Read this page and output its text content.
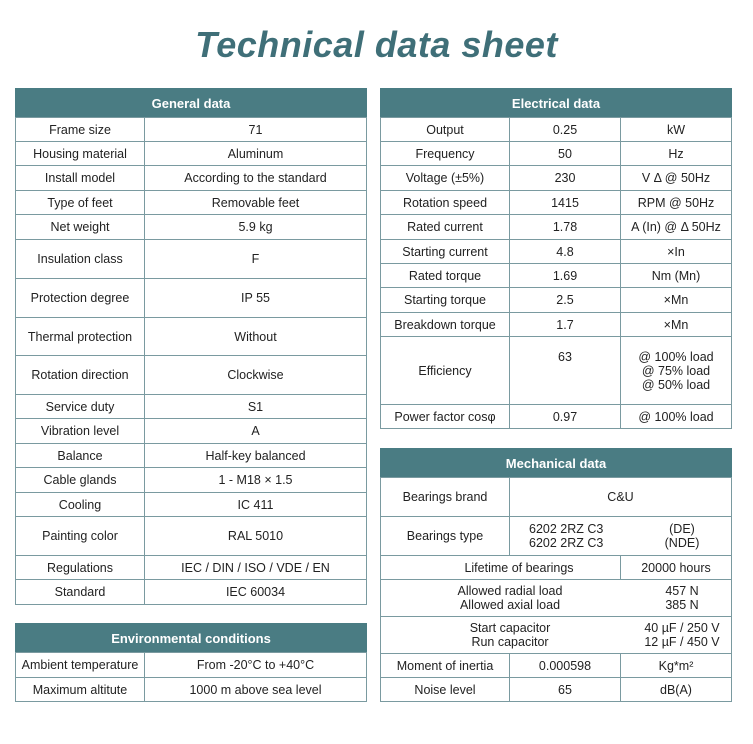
Technical data sheet
General data
Frame size	71
Housing material	Aluminum
Install model	According to the standard
Type of feet	Removable feet
Net weight	5.9 kg
Insulation class	F
Protection degree	IP 55
Thermal protection	Without
Rotation direction	Clockwise
Service duty	S1
Vibration level	A
Balance	Half-key balanced
Cable glands	1 - M18 × 1.5
Cooling	IC 411
Painting color	RAL 5010
Regulations	IEC / DIN / ISO / VDE / EN
Standard	IEC 60034
Environmental conditions
Ambient temperature	From -20°C to +40°C
Maximum altitute	1000 m above sea level
Electrical data
Output	0.25	kW
Frequency	50	Hz
Voltage (±5%)	230	V Δ @ 50Hz
Rotation speed	1415	RPM @ 50Hz
Rated current	1.78	A (In) @ Δ 50Hz
Starting current	4.8	×In
Rated torque	1.69	Nm (Mn)
Starting torque	2.5	×Mn
Breakdown torque	1.7	×Mn
Efficiency	63	@ 100% load
@ 75% load
@ 50% load

Power factor cosφ	0.97	@ 100% load
Mechanical data
Bearings brand	C&U	
Bearings type	6202 2RZ C3 (DE)
6202 2RZ C3 (NDE)	

Lifetime of bearings		20000 hours

Allowed radial load 457 N
Allowed axial load 385 N		

Start capacitor 40 µF / 250 V
Run capacitor 12 µF / 450 V		

Moment of inertia	0.000598	Kg*m²
Noise level	65	dB(A)
